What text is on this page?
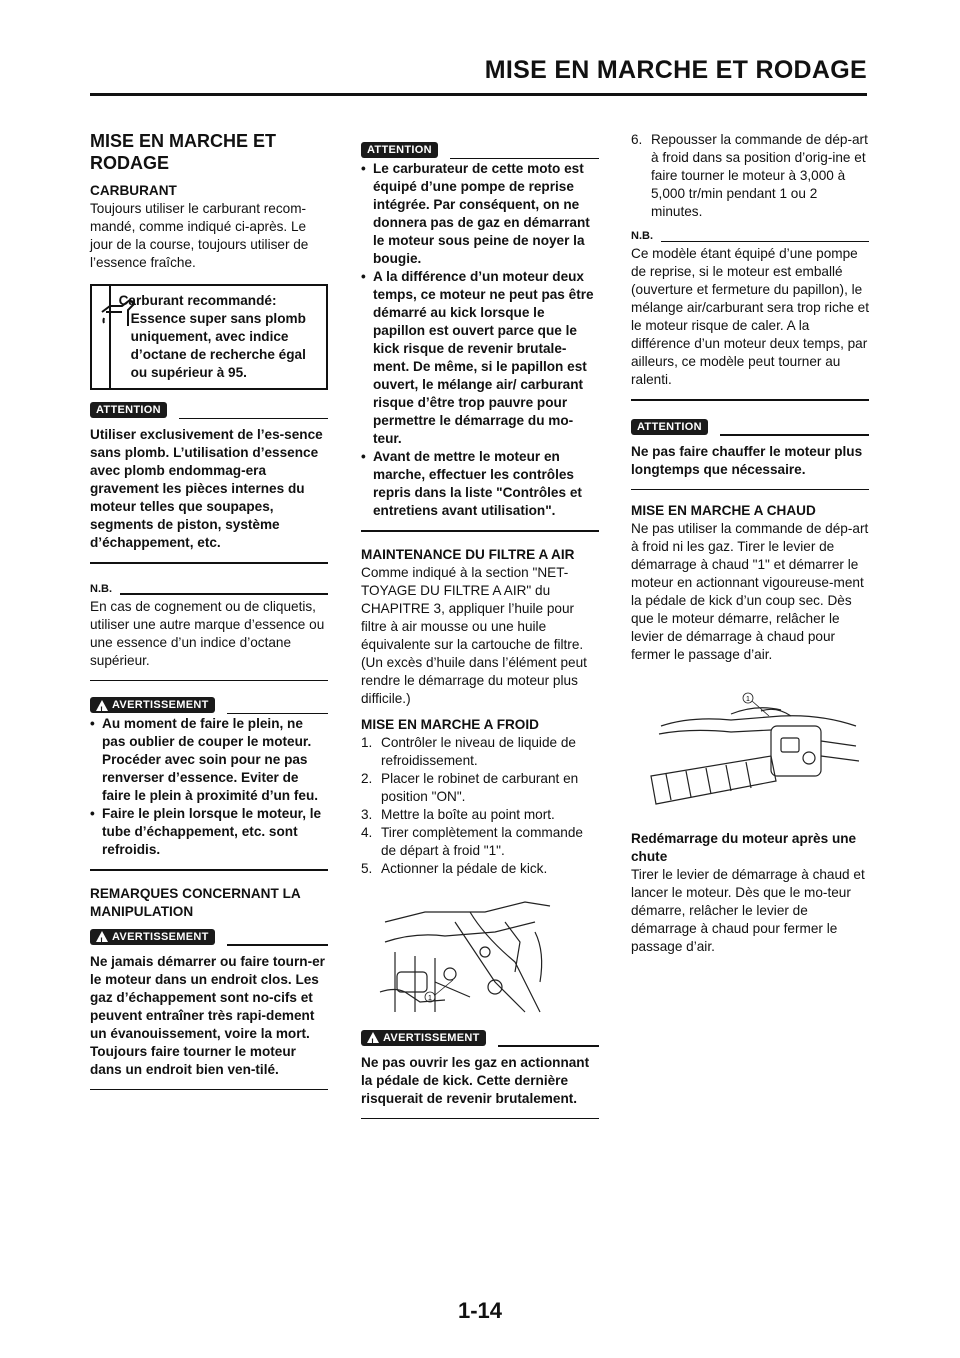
MISE EN MARCHE ET RODAGE
MISE EN MARCHE ET RODAGE
CARBURANT

Toujours utiliser le carburant recom-mandé, comme indiqué ci-après. Le jour de la course, toujours utiliser de l’essence fraîche.

Carburant recommandé:
Essence super sans plomb uniquement, avec indice d’octane de recherche égal ou supérieur à 95.
ATTENTION
Utiliser exclusivement de l’es-sence sans plomb. L’utilisation d’essence avec plomb endommag-era gravement les pièces internes du moteur telles que soupapes, segments de piston, système d’échappement, etc.
N.B.
En cas de cognement ou de cliquetis, utiliser une autre marque d’essence ou une essence d’un indice d’octane supérieur.
!
AVERTISSEMENT
• Au moment de faire le plein, ne pas oublier de couper le moteur. Procéder avec soin pour ne pas renverser d’essence. Eviter de faire le plein à proximité d’un feu.
• Faire le plein lorsque le moteur, le tube d’échappement, etc. sont refroidis.
REMARQUES CONCERNANT LA MANIPULATION
!
AVERTISSEMENT
Ne jamais démarrer ou faire tourn-er le moteur dans un endroit clos. Les gaz d’échappement sont no-cifs et peuvent entraîner très rapi-dement un évanouissement, voire la mort. Toujours faire tourner le moteur dans un endroit bien ven-tilé.
ATTENTION
• Le carburateur de cette moto est équipé d’une pompe de reprise intégrée. Par conséquent, on ne donnera pas de gaz en démarrant le moteur sous peine de noyer la bougie.
• A la différence d’un moteur deux temps, ce moteur ne peut pas être démarré au kick lorsque le papillon est ouvert parce que le kick risque de revenir brutale-ment. De même, si le papillon est ouvert, le mélange air/ carburant risque d’être trop pauvre pour permettre le démarrage du mo-teur.
• Avant de mettre le moteur en marche, effectuer les contrôles repris dans la liste "Contrôles et entretiens avant utilisation".
MAINTENANCE DU FILTRE A AIR

Comme indiqué à la section "NET-TOYAGE DU FILTRE A AIR" du CHAPITRE 3, appliquer l’huile pour filtre à air mousse ou une huile équivalente sur la cartouche de filtre. (Un excès d’huile dans l’élément peut rendre le démarrage du moteur plus difficile.)

MISE EN MARCHE A FROID
1. Contrôler le niveau de liquide de refroidissement.
2. Placer le robinet de carburant en position "ON".
3. Mettre la boîte au point mort.
4. Tirer complètement la commande de départ à froid "1".
5. Actionner la pédale de kick.
1
!
AVERTISSEMENT
Ne pas ouvrir les gaz en actionnant la pédale de kick. Cette dernière risquerait de revenir brutalement.
6. Repousser la commande de dép-art à froid dans sa position d’orig-ine et faire tourner le moteur à 3,000 à 5,000 tr/min pendant 1 ou 2 minutes.
N.B.
Ce modèle étant équipé d’une pompe de reprise, si le moteur est emballé (ouverture et fermeture du papillon), le mélange air/carburant sera trop riche et le moteur risque de caler. A la différence d’un moteur deux temps, par ailleurs, ce modèle peut tourner au ralenti.
ATTENTION
Ne pas faire chauffer le moteur plus longtemps que nécessaire.
MISE EN MARCHE A CHAUD

Ne pas utiliser la commande de dép-art à froid ni les gaz. Tirer le levier de démarrage à chaud "1" et démarrer le moteur en actionnant vigoureuse-ment la pédale de kick d’un coup sec. Dès que le moteur démarre, relâcher le levier de démarrage à chaud pour fermer le passage d’air.

1
Redémarrage du moteur après une chute

Tirer le levier de démarrage à chaud et lancer le moteur. Dès que le mo-teur démarre, relâcher le levier de démarrage à chaud pour fermer le passage d’air.

1-14
